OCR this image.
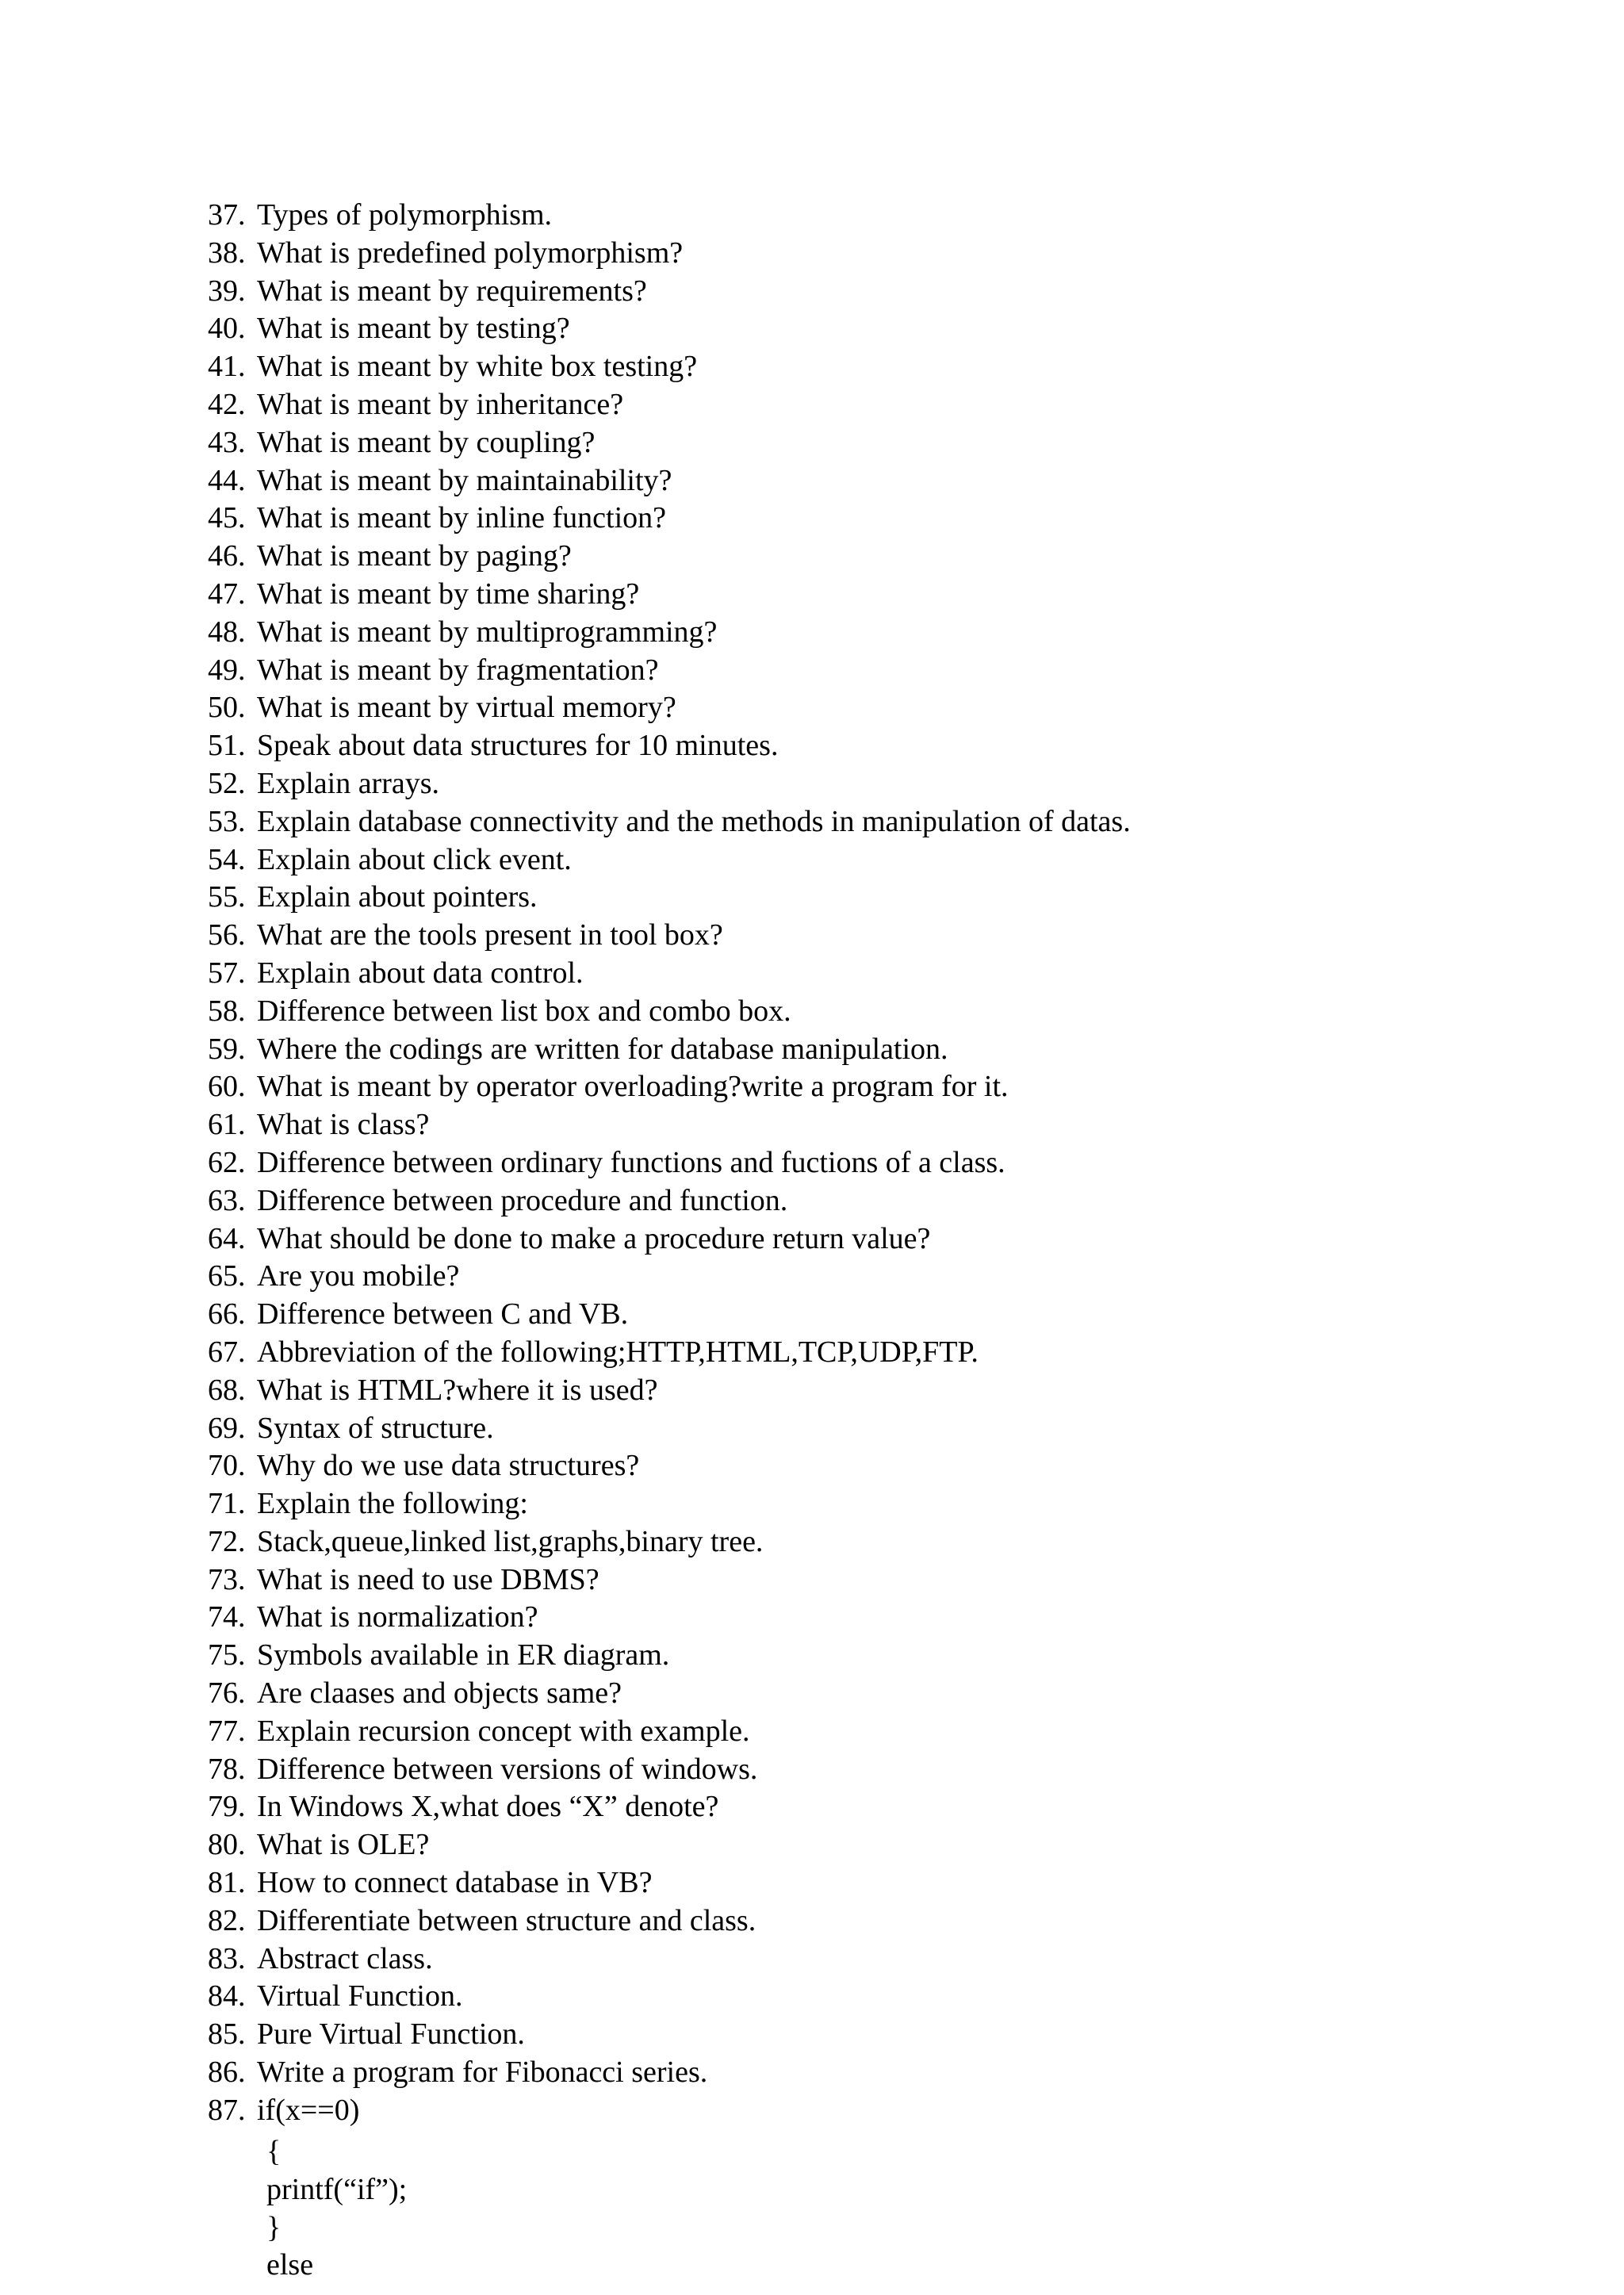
37. Types of polymorphism.
38. What is predefined polymorphism?
39. What is meant by requirements?
40. What is meant by testing?
41. What is meant by white box testing?
42. What is meant by inheritance?
43. What is meant by coupling?
44. What is meant by maintainability?
45. What is meant by inline function?
46. What is meant by paging?
47. What is meant by time sharing?
48. What is meant by multiprogramming?
49. What is meant by fragmentation?
50. What is meant by virtual memory?
51. Speak about data structures for 10 minutes.
52. Explain arrays.
53. Explain database connectivity and the methods in manipulation of datas.
54. Explain about click event.
55. Explain about pointers.
56. What are the tools present in tool box?
57. Explain about data control.
58. Difference between list box and combo box.
59. Where the codings are written for database manipulation.
60. What is meant by operator overloading?write a program for it.
61. What is class?
62. Difference between ordinary functions and fuctions of a class.
63. Difference between procedure and function.
64. What should be done to make a procedure return value?
65. Are you mobile?
66. Difference between C and VB.
67. Abbreviation of the following;HTTP,HTML,TCP,UDP,FTP.
68. What is HTML?where it is used?
69. Syntax of structure.
70. Why do we use data structures?
71. Explain the following:
72. Stack,queue,linked list,graphs,binary tree.
73. What is need to use DBMS?
74. What is normalization?
75. Symbols available in ER diagram.
76. Are claases and objects same?
77. Explain recursion concept with example.
78. Difference between versions of windows.
79. In Windows X,what does “X” denote?
80. What is OLE?
81. How to connect database in VB?
82. Differentiate between structure and class.
83. Abstract class.
84. Virtual Function.
85. Pure Virtual Function.
86. Write a program for Fibonacci series.
87. if(x==0)
{
printf(“if”);
}
else
